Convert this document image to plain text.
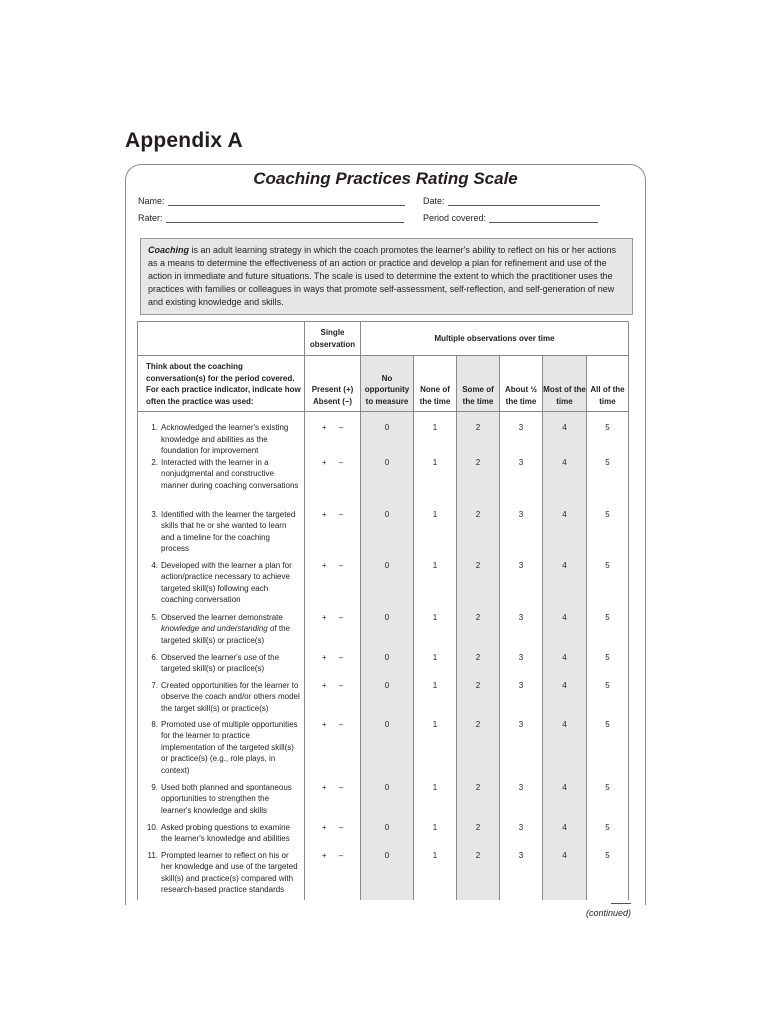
Appendix A
Coaching Practices Rating Scale
Name:
Rater:
Date:
Period covered:
Coaching is an adult learning strategy in which the coach promotes the learner's ability to reflect on his or her actions as a means to determine the effectiveness of an action or practice and develop a plan for refinement and use of the action in immediate and future situations. The scale is used to determine the extent to which the practitioner uses the practices with families or colleagues in ways that promote self-assessment, self-reflection, and self-generation of new and existing knowledge and skills.
	Single observation	Multiple observations over time					
Think about the coaching conversation(s) for the period covered. For each practice indicator, indicate how often the practice was used:	Present (+) Absent (–)	No opportunity to measure	None of the time	Some of the time	About ½ the time	Most of the time	All of the time

1. Acknowledged the learner's existing knowledge and abilities as the foundation for improvement	+ –	0	1	2	3	4	5

2. Interacted with the learner in a nonjudgmental and constructive manner during coaching conversations	+ –	0	1	2	3	4	5

3. Identified with the learner the targeted skills that he or she wanted to learn and a timeline for the coaching process	+ –	0	1	2	3	4	5

4. Developed with the learner a plan for action/practice necessary to achieve targeted skill(s) following each coaching conversation	+ –	0	1	2	3	4	5

5. Observed the learner demonstrate knowledge and understanding of the targeted skill(s) or practice(s)	+ –	0	1	2	3	4	5

6. Observed the learner's use of the targeted skill(s) or practice(s)	+ –	0	1	2	3	4	5

7. Created opportunities for the learner to observe the coach and/or others model the target skill(s) or practice(s)	+ –	0	1	2	3	4	5

8. Promoted use of multiple opportunities for the learner to practice implementation of the targeted skill(s) or practice(s) (e.g., role plays, in context)	+ –	0	1	2	3	4	5

9. Used both planned and spontaneous opportunities to strengthen the learner's knowledge and skills	+ –	0	1	2	3	4	5

10. Asked probing questions to examine the learner's knowledge and abilities	+ –	0	1	2	3	4	5

11. Prompted learner to reflect on his or her knowledge and use of the targeted skill(s) and practice(s) compared with research-based practice standards	+ –	0	1	2	3	4	5
(continued)
